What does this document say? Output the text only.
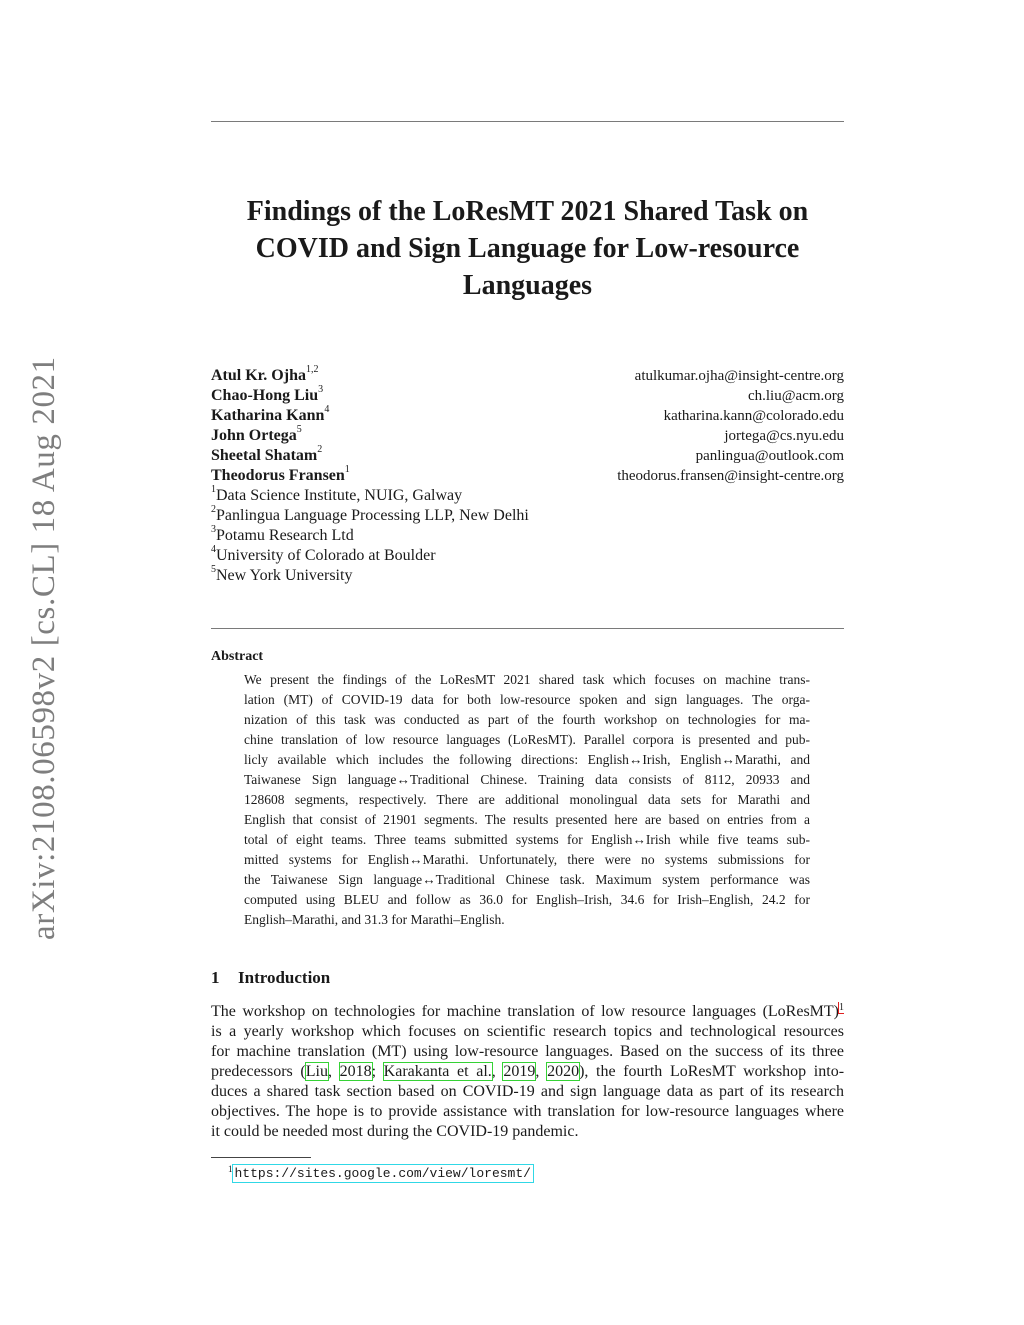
arXiv:2108.06598v2 [cs.CL] 18 Aug 2021
Findings of the LoResMT 2021 Shared Task on
COVID and Sign Language for Low-resource
Languages
Atul Kr. Ojha$^{1,2}$
Chao-Hong Liu$^3$
Katharina Kann$^4$
John Ortega$^5$
Sheetal Shatam$^2$
Theodorus Fransen$^1$
$^1$Data Science Institute, NUIG, Galway
$^2$Panlingua Language Processing LLP, New Delhi
$^3$Potamu Research Ltd
$^4$University of Colorado at Boulder
$^5$New York University
atulkumar.ojha@insight-centre.org
ch.liu@acm.org
katharina.kann@colorado.edu
jortega@cs.nyu.edu
panlingua@outlook.com
theodorus.fransen@insight-centre.org
Abstract
We present the findings of the LoResMT 2021 shared task which focuses on machine trans-
lation (MT) of COVID-19 data for both low-resource spoken and sign languages. The orga-
nization of this task was conducted as part of the fourth workshop on technologies for ma-
chine translation of low resource languages (LoResMT). Parallel corpora is presented and pub-
licly available which includes the following directions: English↔Irish, English↔Marathi, and
Taiwanese Sign language↔Traditional Chinese. Training data consists of 8112, 20933 and
128608 segments, respectively. There are additional monolingual data sets for Marathi and
English that consist of 21901 segments. The results presented here are based on entries from a
total of eight teams. Three teams submitted systems for English↔Irish while five teams sub-
mitted systems for English↔Marathi. Unfortunately, there were no systems submissions for
the Taiwanese Sign language↔Traditional Chinese task. Maximum system performance was
computed using BLEU and follow as 36.0 for English–Irish, 34.6 for Irish–English, 24.2 for
English–Marathi, and 31.3 for Marathi–English.
1 Introduction
The workshop on technologies for machine translation of low resource languages (LoResMT)$^1$
is a yearly workshop which focuses on scientific research topics and technological resources
for machine translation (MT) using low-resource languages. Based on the success of its three
predecessors (Liu, 2018; Karakanta et al., 2019, 2020), the fourth LoResMT workshop into-
duces a shared task section based on COVID-19 and sign language data as part of its research
objectives. The hope is to provide assistance with translation for low-resource languages where
it could be needed most during the COVID-19 pandemic.
$^1$ https://sites.google.com/view/loresmt/
